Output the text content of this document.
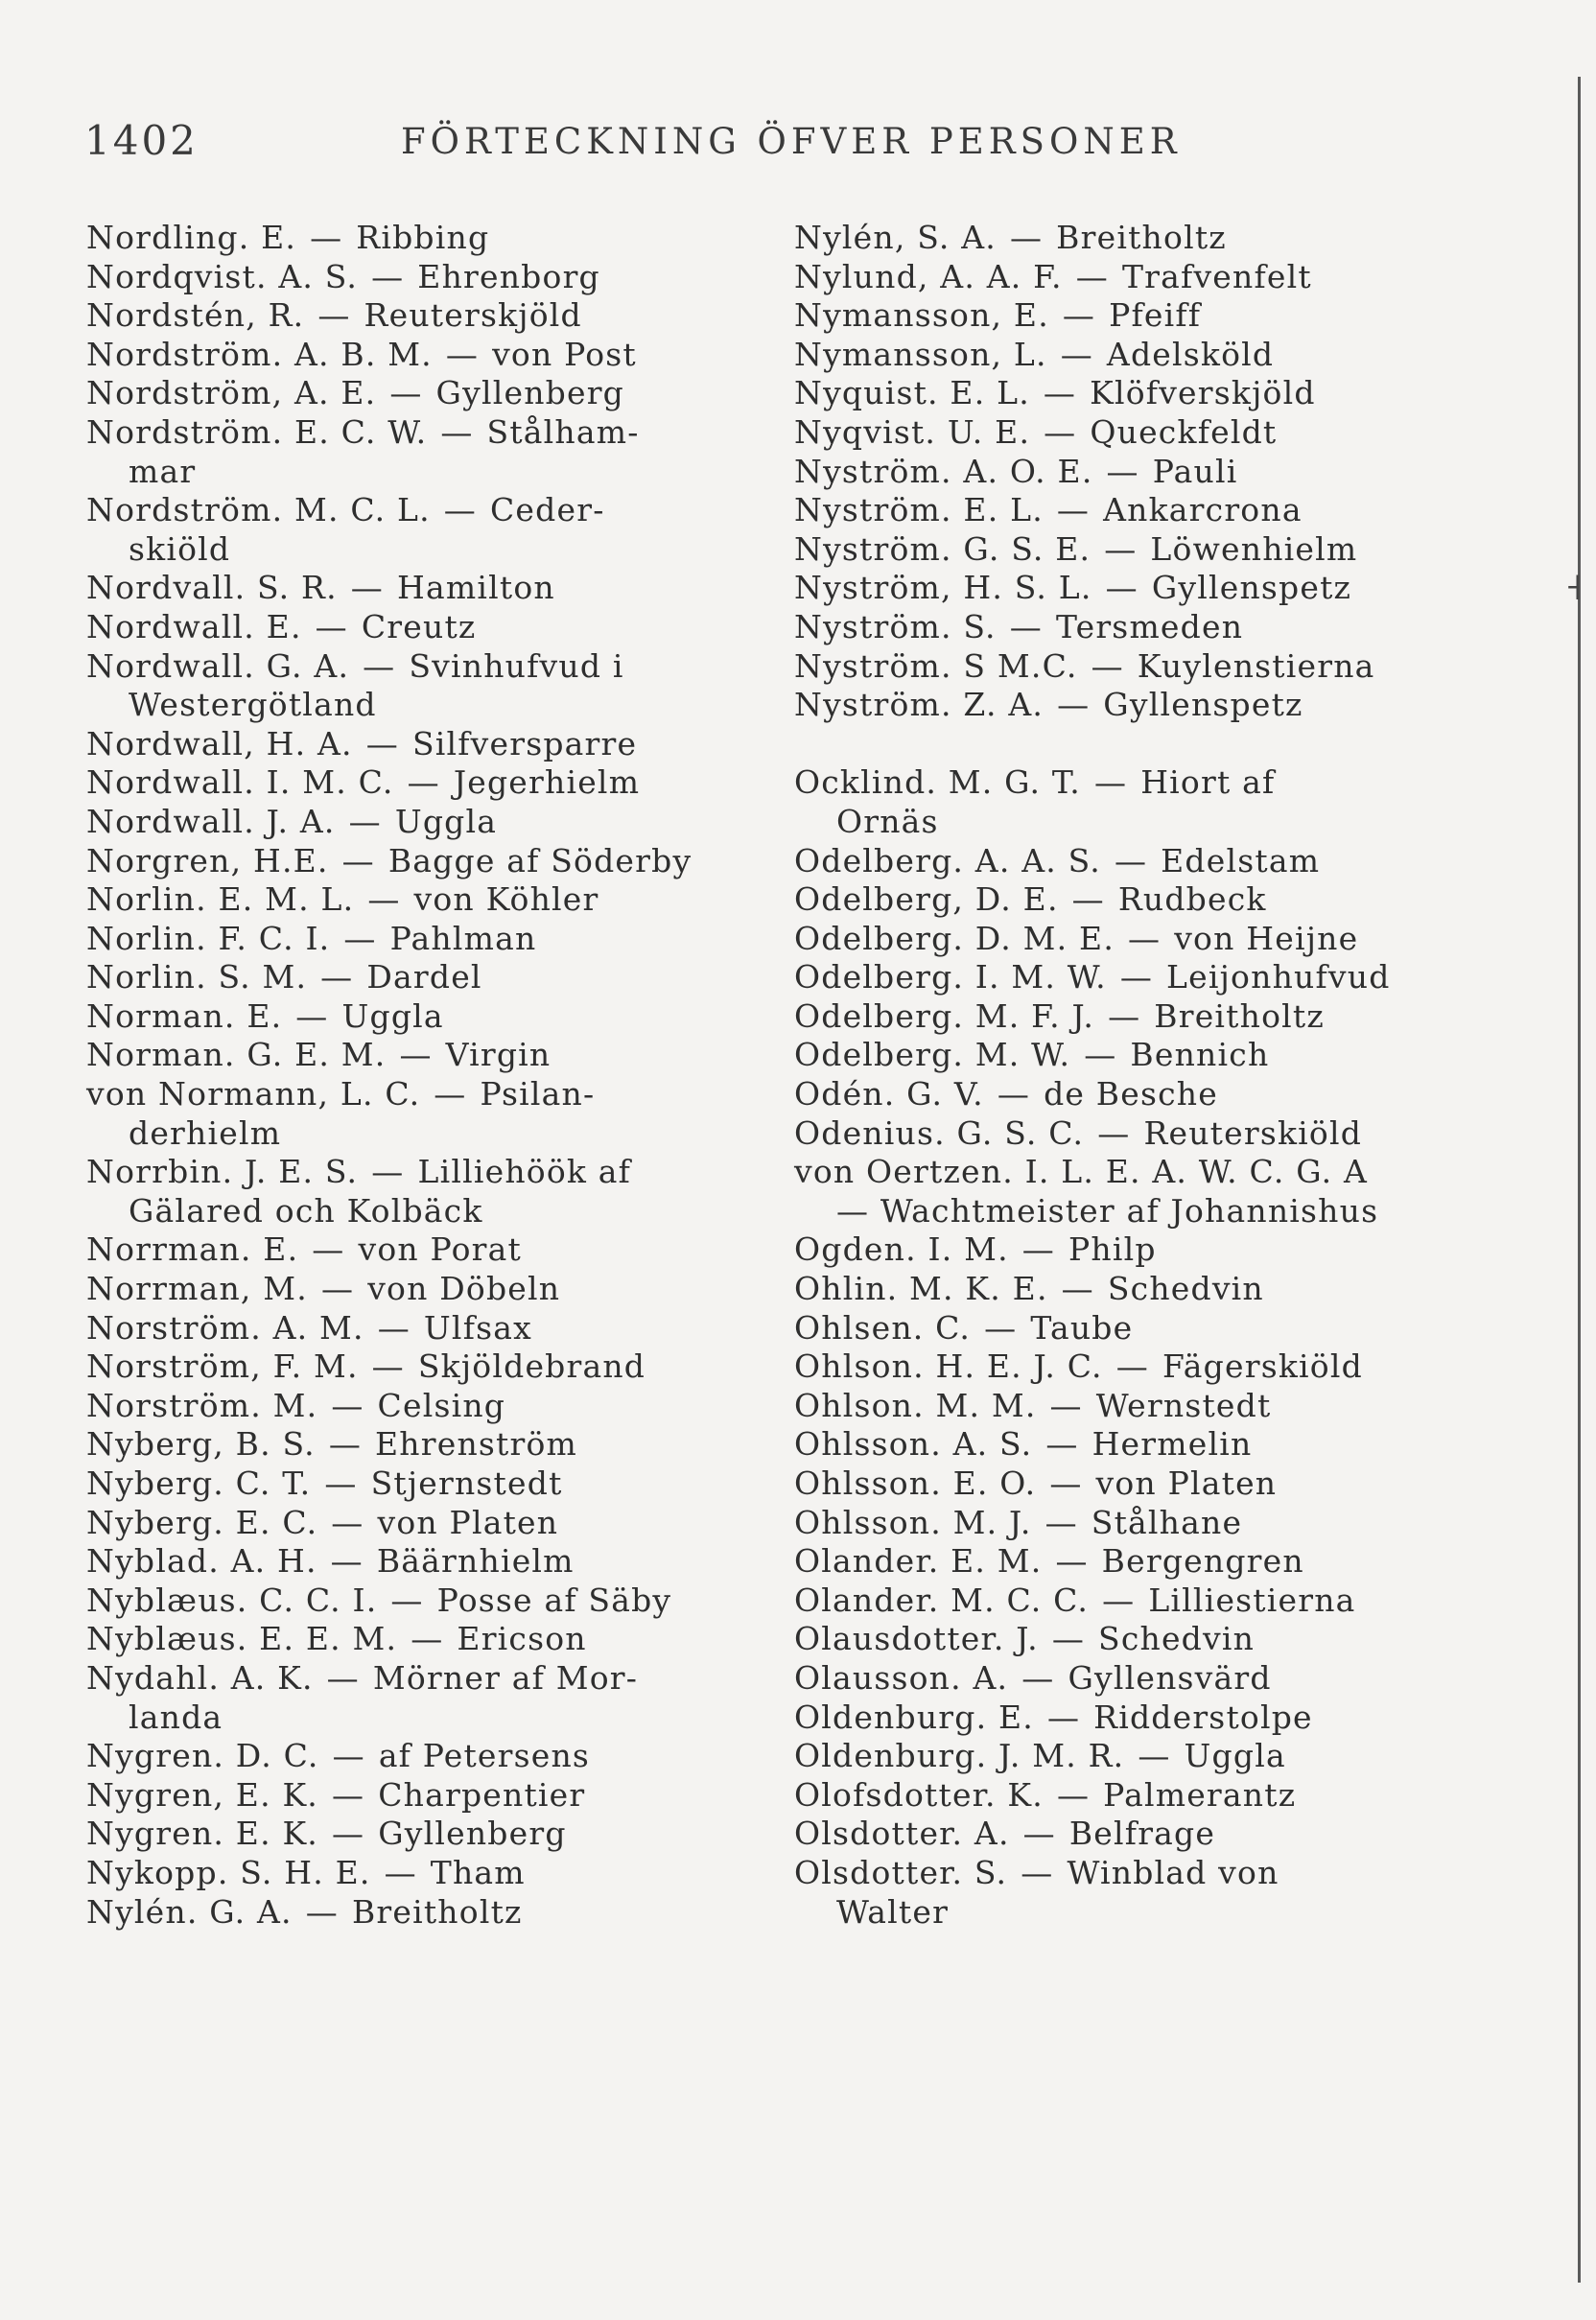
1402	FÖRTECKNING ÖFVER PERSONER
Nordling. E. — Ribbing
Nordqvist. A. S. — Ehrenborg
Nordstén, R. — Reuterskjöld
Nordström. A. B. M. — von Post
Nordström, A. E. — Gyllenberg
Nordström. E. C. W. — Stålham-
mar
Nordström. M. C. L. — Ceder-
skiöld
Nordvall. S. R. — Hamilton
Nordwall. E. — Creutz
Nordwall. G. A. — Svinhufvud i
Westergötland
Nordwall, H. A. — Silfversparre
Nordwall. I. M. C. — Jegerhielm
Nordwall. J. A. — Uggla
Norgren, H.E. — Bagge af Söderby
Norlin. E. M. L. — von Köhler
Norlin. F. C. I. — Pahlman
Norlin. S. M. — Dardel
Norman. E. — Uggla
Norman. G. E. M. — Virgin
von Normann, L. C. — Psilan-
derhielm
Norrbin. J. E. S. — Lilliehöök af
Gälared och Kolbäck
Norrman. E. — von Porat
Norrman, M. — von Döbeln
Norström. A. M. — Ulfsax
Norström, F. M. — Skjöldebrand
Norström. M. — Celsing
Nyberg, B. S. — Ehrenström
Nyberg. C. T. — Stjernstedt
Nyberg. E. C. — von Platen
Nyblad. A. H. — Bäärnhielm
Nyblæus. C. C. I. — Posse af Säby
Nyblæus. E. E. M. — Ericson
Nydahl. A. K. — Mörner af Mor-
landa
Nygren. D. C. — af Petersens
Nygren, E. K. — Charpentier
Nygren. E. K. — Gyllenberg
Nykopp. S. H. E. — Tham
Nylén. G. A. — Breitholtz
Nylén, S. A. — Breitholtz
Nylund, A. A. F. — Trafvenfelt
Nymansson, E. — Pfeiff
Nymansson, L. — Adelsköld
Nyquist. E. L. — Klöfverskjöld
Nyqvist. U. E. — Queckfeldt
Nyström. A. O. E. — Pauli
Nyström. E. L. — Ankarcrona
Nyström. G. S. E. — Löwenhielm
Nyström, H. S. L. — Gyllenspetz
Nyström. S. — Tersmeden
Nyström. S M.C. — Kuylenstierna
Nyström. Z. A. — Gyllenspetz
Ocklind. M. G. T. — Hiort af
Ornäs
Odelberg. A. A. S. — Edelstam
Odelberg, D. E. — Rudbeck
Odelberg. D. M. E. — von Heijne
Odelberg. I. M. W. — Leijonhufvud
Odelberg. M. F. J. — Breitholtz
Odelberg. M. W. — Bennich
Odén. G. V. — de Besche
Odenius. G. S. C. — Reuterskiöld
von Oertzen. I. L. E. A. W. C. G. A
— Wachtmeister af Johannishus
Ogden. I. M. — Philp
Ohlin. M. K. E. — Schedvin
Ohlsen. C. — Taube
Ohlson. H. E. J. C. — Fägerskiöld
Ohlson. M. M. — Wernstedt
Ohlsson. A. S. — Hermelin
Ohlsson. E. O. — von Platen
Ohlsson. M. J. — Stålhane
Olander. E. M. — Bergengren
Olander. M. C. C. — Lilliestierna
Olausdotter. J. — Schedvin
Olausson. A. — Gyllensvärd
Oldenburg. E. — Ridderstolpe
Oldenburg. J. M. R. — Uggla
Olofsdotter. K. — Palmerantz
Olsdotter. A. — Belfrage
Olsdotter. S. — Winblad von
Walter
˧
